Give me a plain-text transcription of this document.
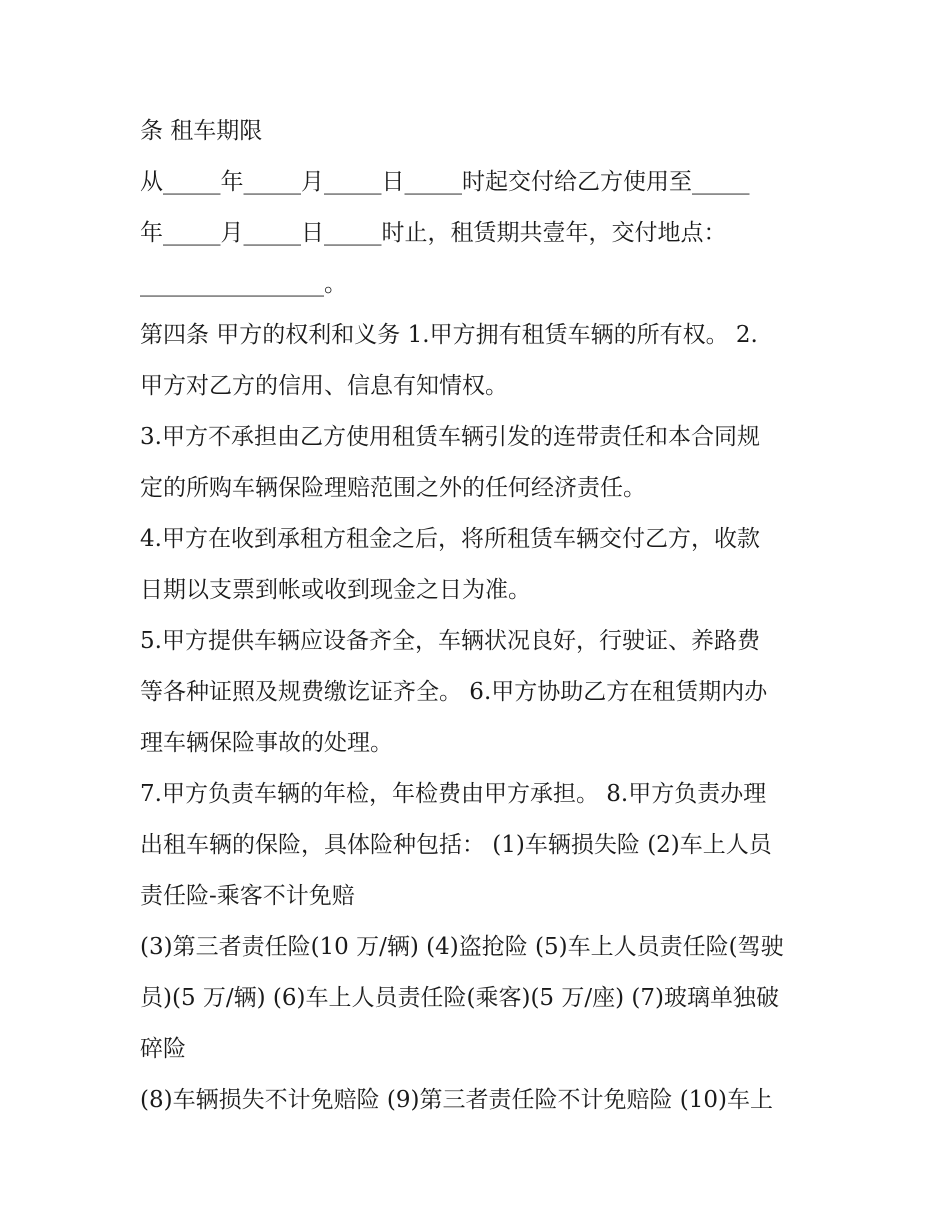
条 租车期限
从_____年_____月_____日_____时起交付给乙方使用至_____
年_____月_____日_____时止，租赁期共壹年，交付地点：
________________。
第四条 甲方的权利和义务 1.甲方拥有租赁车辆的所有权。 2.
甲方对乙方的信用、信息有知情权。
3.甲方不承担由乙方使用租赁车辆引发的连带责任和本合同规
定的所购车辆保险理赔范围之外的任何经济责任。
4.甲方在收到承租方租金之后，将所租赁车辆交付乙方，收款
日期以支票到帐或收到现金之日为准。
5.甲方提供车辆应设备齐全，车辆状况良好，行驶证、养路费
等各种证照及规费缴讫证齐全。 6.甲方协助乙方在租赁期内办
理车辆保险事故的处理。
7.甲方负责车辆的年检，年检费由甲方承担。 8.甲方负责办理
出租车辆的保险，具体险种包括： (1)车辆损失险 (2)车上人员
责任险-乘客不计免赔
(3)第三者责任险(10 万/辆) (4)盗抢险 (5)车上人员责任险(驾驶
员)(5 万/辆) (6)车上人员责任险(乘客)(5 万/座) (7)玻璃单独破
碎险
(8)车辆损失不计免赔险 (9)第三者责任险不计免赔险 (10)车上
